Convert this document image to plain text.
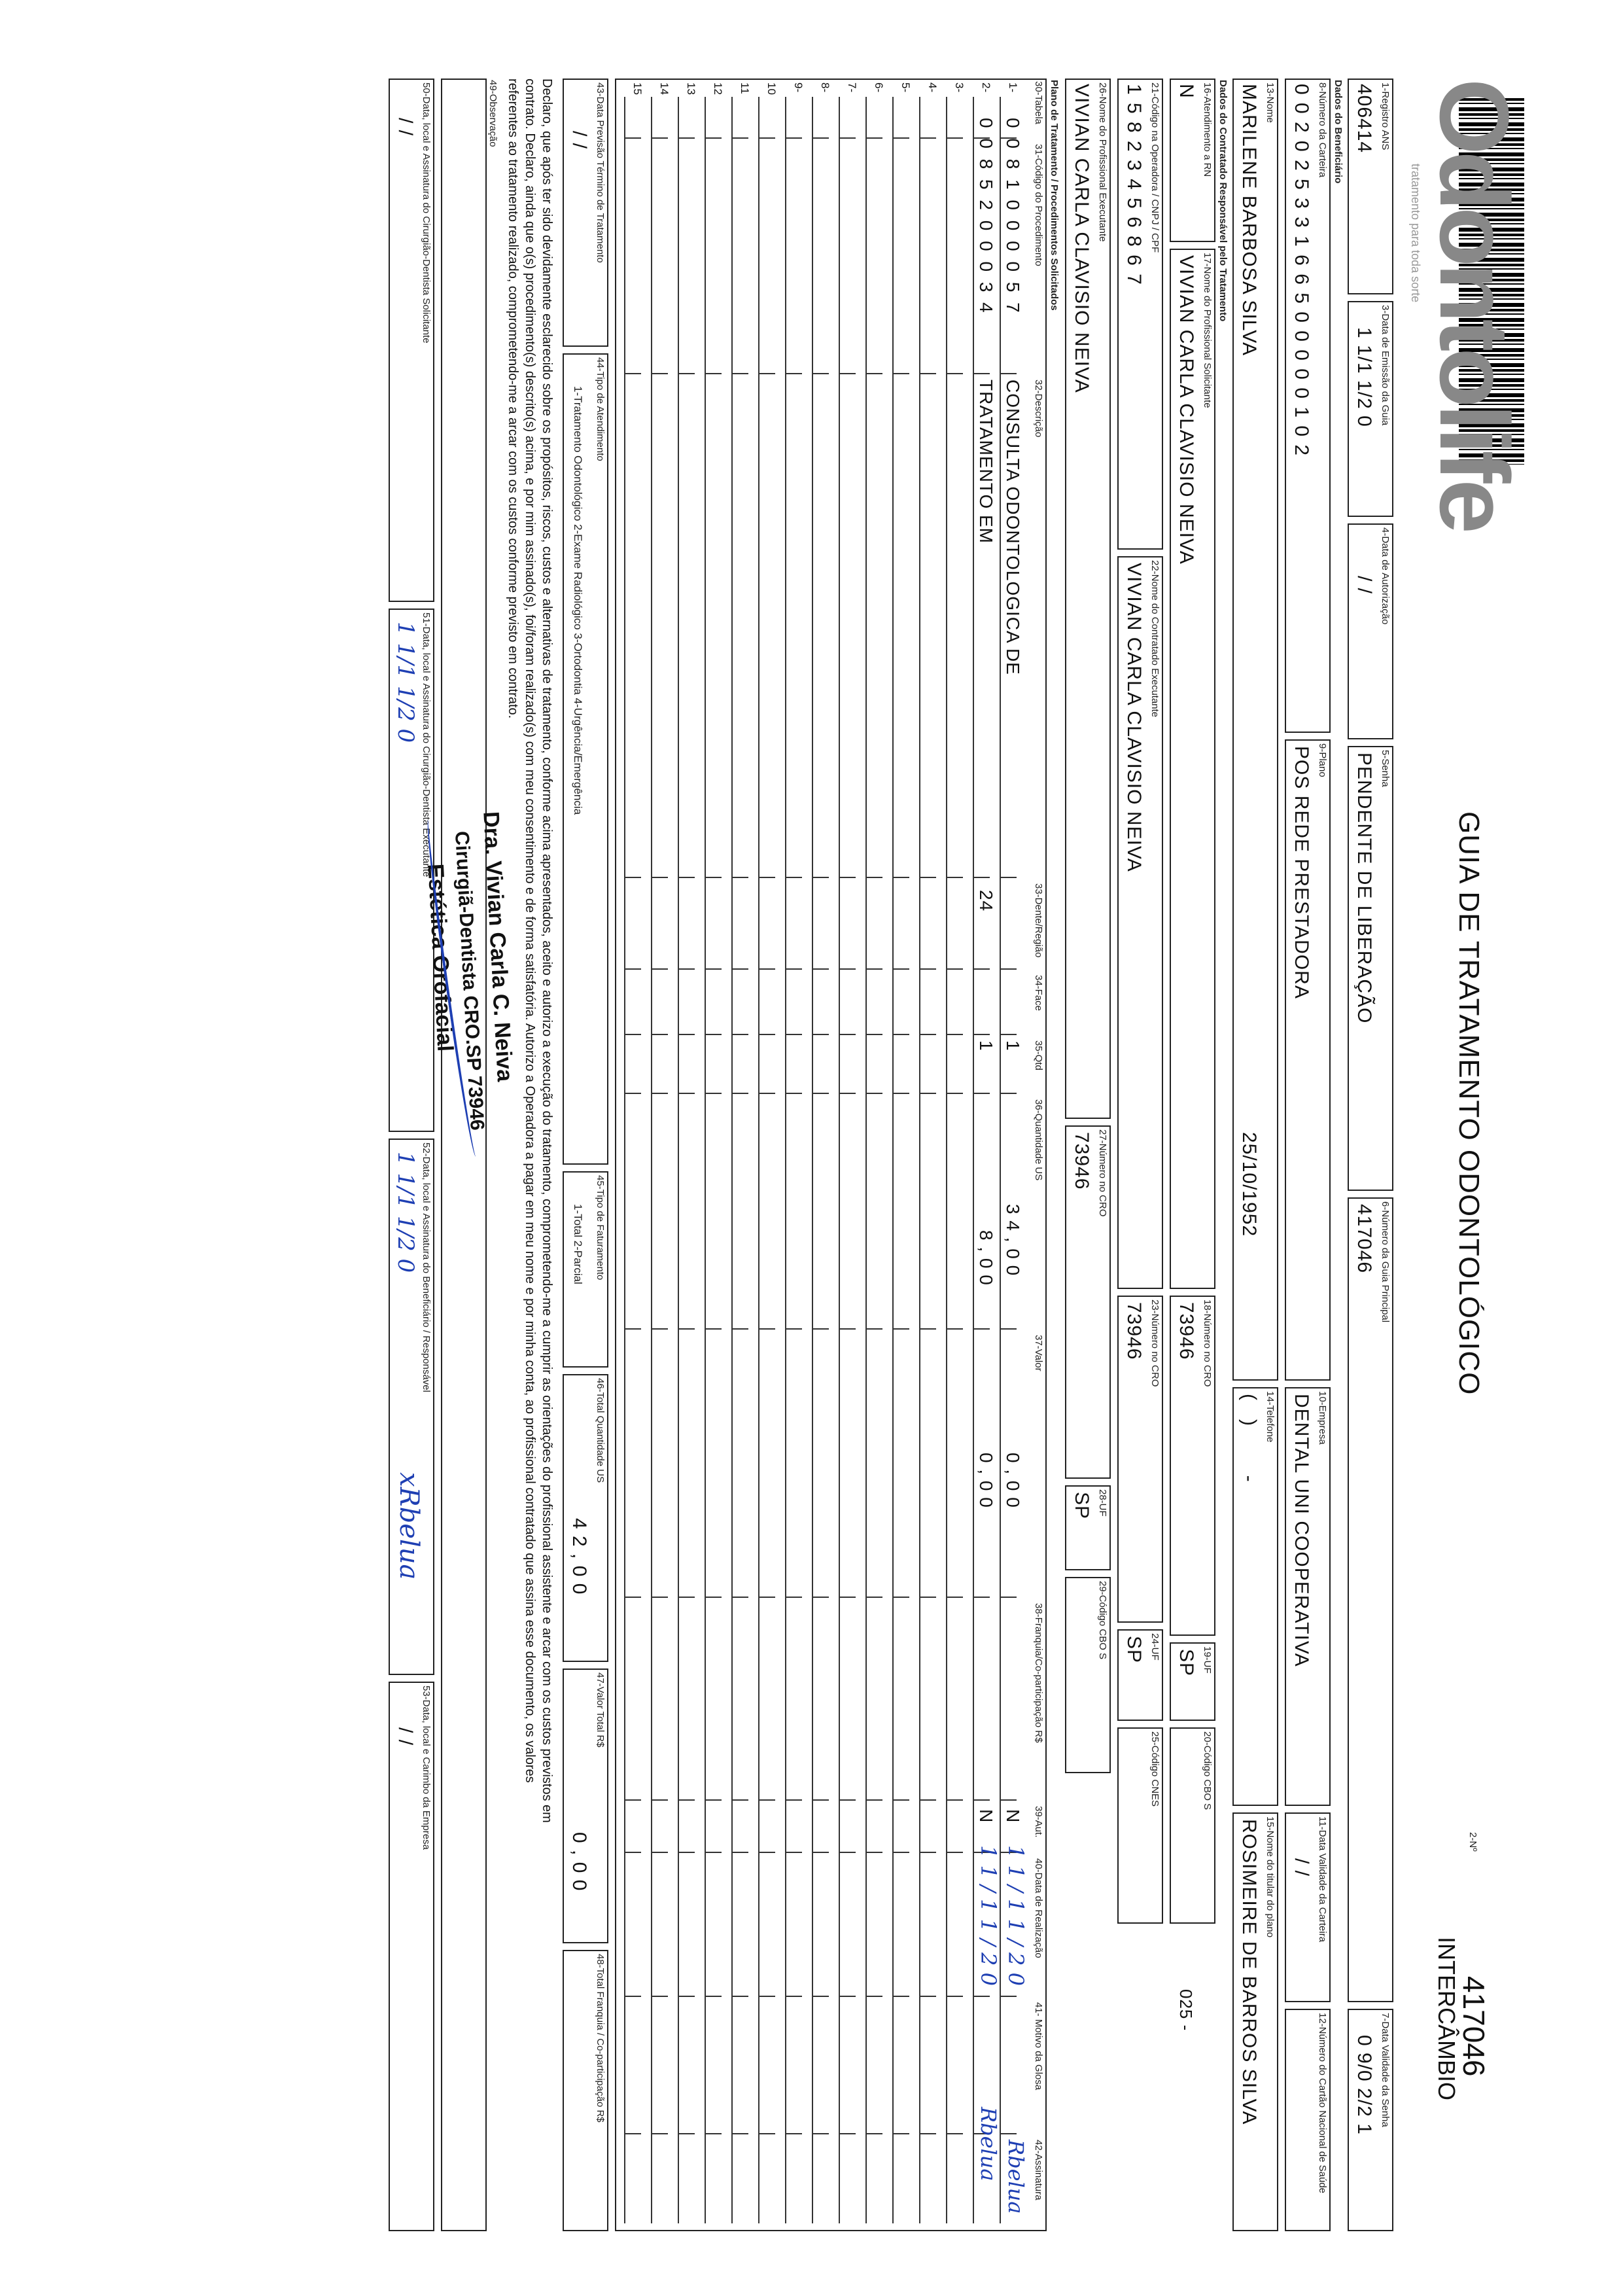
Odontolife
tratamento para toda sorte
GUIA DE TRATAMENTO ODONTOLÓGICO
2-Nº
417046
INTERCÂMBIO
1-Registro ANS
406414
3-Data de Emissão da Guia
1 1/1 1/2 0
4-Data de Autorização
/ /
5-Senha
PENDENTE DE LIBERAÇÃO
6-Número da Guia Principal
417046
7-Data Validade da Senha
0 9/0 2/2 1
Dados do Beneficiário
8-Número da Carteira
0 0 2 0 2 5 3 3 1 6 6 5 0 0 0 0 0 1 0 2
9-Plano
POS REDE PRESTADORA
10-Empresa
DENTAL UNI COOPERATIVA
11-Data Validade da Carteira
/ /
12-Número do Cartão Nacional de Saúde
13-Nome
MARILENE BARBOSA SILVA
25/10/1952
14-Telefone
(   )        -
15-Nome do titular do plano
ROSIMEIRE DE BARROS SILVA
Dados do Contratado Responsável pelo Tratamento
16-Atendimento a RN
N
17-Nome do Profissional Solicitante
VIVIAN CARLA CLAVISIO NEIVA
18-Número no CRO
73946
19-UF
SP
20-Código CBO S
025 -
21-Código na Operadora / CNPJ / CPF
1 5 8 2 3 4 5 6 8 6 7
22-Nome do Contratado Executante
VIVIAN CARLA CLAVISIO NEIVA
23-Número no CRO
73946
24-UF
SP
25-Código CNES
26-Nome do Profissional Executante
VIVIAN CARLA CLAVISIO NEIVA
27-Número no CRO
73946
28-UF
SP
29-Código CBO S
Plano de Tratamento / Procedimentos Solicitados
30-Tabela
31-Código do Procedimento
32-Descrição
33-Dente/Região
34-Face
35-Qtd
36-Quantidade US
37-Valor
38-Franquia/Co-participação R$
39-Aut.
40-Data de Realização
41- Motivo da Glosa
42-Assinatura
1-
2-
3-
4-
5-
6-
7-
8-
9-
10
11
12
13
14
15
0 0 8 1 0 0 0 0 5 7
CONSULTA ODONTOLOGICA DE
1
3 4 , 0 0
0 , 0 0
N
1 1 / 1 1 / 2 0
Rbelua
0 0 8 5 2 0 0 0 3 4
TRATAMENTO EM
24
1
8 , 0 0
0 , 0 0
N
1 1 / 1 1 / 2 0
Rbelua
43-Data Previsão Término de Tratamento
/ /
44-Tipo de Atendimento
1-Tratamento Odontológico 2-Exame Radiológico 3-Ortodontia 4-Urgência/Emergência
45-Tipo de Faturamento
1-Total 2-Parcial
46-Total Quantidade US
4 2 , 0 0
47-Valor Total R$
0 , 0 0
48-Total Franquia / Co-participação R$
Declaro, que após ter sido devidamente esclarecido sobre os propósitos, riscos, custos e alternativas de tratamento, conforme acima apresentados, aceito e autorizo a execução do tratamento, comprometendo-me a cumprir as orientações do profissional assistente e arcar com os custos previstos em
contrato. Declaro, ainda que o(s) procedimento(s) descrito(s) acima, e por mim assinado(s), foi/foram realizado(s) com meu consentimento e de forma satisfatória. Autorizo a Operadora a pagar em meu nome e por minha conta, ao profissional contratado que assina esse documento, os valores
referentes ao tratamento realizado, comprometendo-me a arcar com os custos conforme previsto em contrato.
49-Observação
50-Data, local e Assinatura do Cirurgião-Dentista Solicitante
/ /
51-Data, local e Assinatura do Cirurgião-Dentista Executante
1 1/1 1/2 0
52-Data, local e Assinatura do Beneficiário / Responsável
1 1/1 1/2 0
xRbelua
53-Data, local e Carimbo da Empresa
/ /
Dra. Vivian Carla C. Neiva
Cirurgiã-Dentista CRO.SP 73946
Estética Orofacial
